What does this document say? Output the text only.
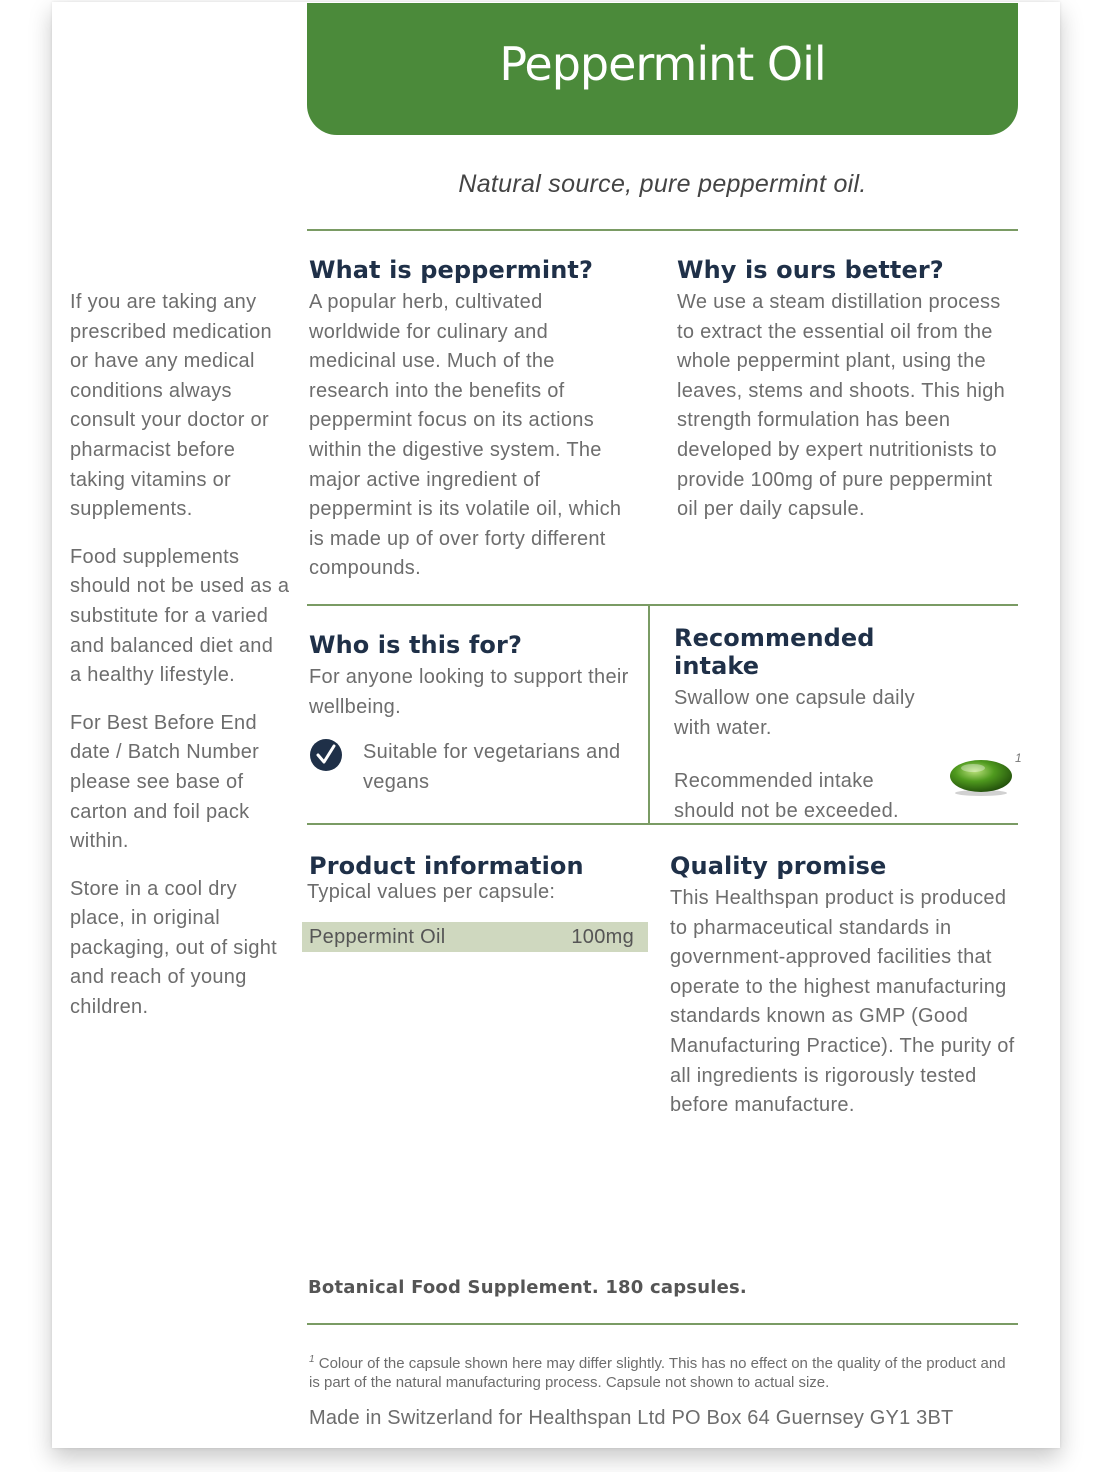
Peppermint Oil
Natural source, pure peppermint oil.

If you are taking any prescribed medication or have any medical conditions always consult your doctor or pharmacist before taking vitamins or supplements.

Food supplements should not be used as a substitute for a varied and balanced diet and a healthy lifestyle.

For Best Before End date / Batch Number please see base of carton and foil pack within.

Store in a cool dry place, in original packaging, out of sight and reach of young children.

What is peppermint?

A popular herb, cultivated worldwide for culinary and medicinal use. Much of the research into the benefits of peppermint focus on its actions within the digestive system. The major active ingredient of peppermint is its volatile oil, which is made up of over forty different compounds.

Why is ours better?

We use a steam distillation process to extract the essential oil from the whole peppermint plant, using the leaves, stems and shoots. This high strength formulation has been developed by expert nutritionists to provide 100mg of pure peppermint oil per daily capsule.

Who is this for?

For anyone looking to support their wellbeing.

Suitable for vegetarians and vegans

Recommended intake

Swallow one capsule daily with water.

Recommended intake should not be exceeded.

1
Product information

Typical values per capsule:

Peppermint Oil	100mg
Quality promise

This Healthspan product is produced to pharmaceutical standards in government-approved facilities that operate to the highest manufacturing standards known as GMP (Good Manufacturing Practice). The purity of all ingredients is rigorously tested before manufacture.

Botanical Food Supplement. 180 capsules.
$^1$ Colour of the capsule shown here may differ slightly. This has no effect on the quality of the product and is part of the natural manufacturing process. Capsule not shown to actual size.
Made in Switzerland for Healthspan Ltd PO Box 64 Guernsey GY1 3BT
